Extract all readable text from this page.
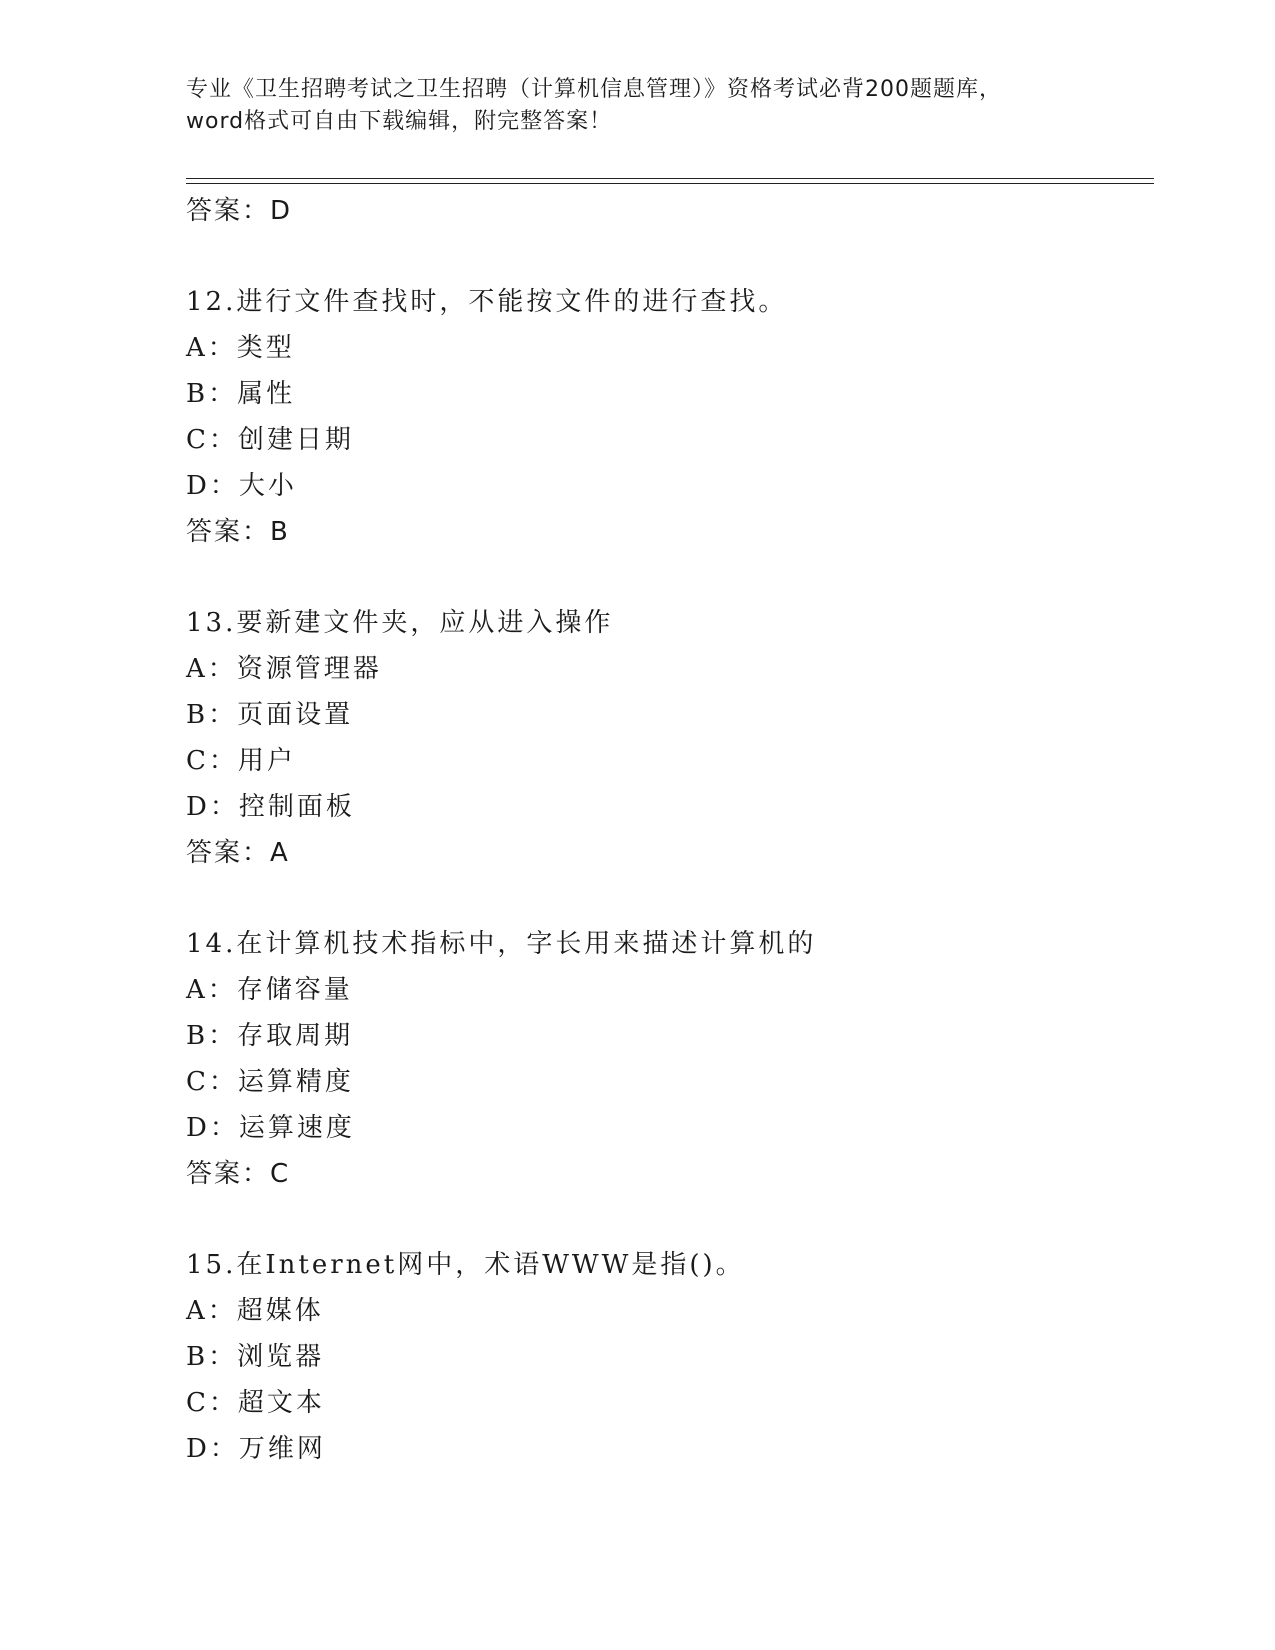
专业《卫生招聘考试之卫生招聘（计算机信息管理）》资格考试必背200题题库，
word格式可自由下载编辑，附完整答案！
答案：D
12.进行文件查找时，不能按文件的进行查找。
A：类型
B：属性
C：创建日期
D：大小
答案：B
13.要新建文件夹，应从进入操作
A：资源管理器
B：页面设置
C：用户
D：控制面板
答案：A
14.在计算机技术指标中，字长用来描述计算机的
A：存储容量
B：存取周期
C：运算精度
D：运算速度
答案：C
15.在Internet网中，术语WWW是指()。
A：超媒体
B：浏览器
C：超文本
D：万维网
